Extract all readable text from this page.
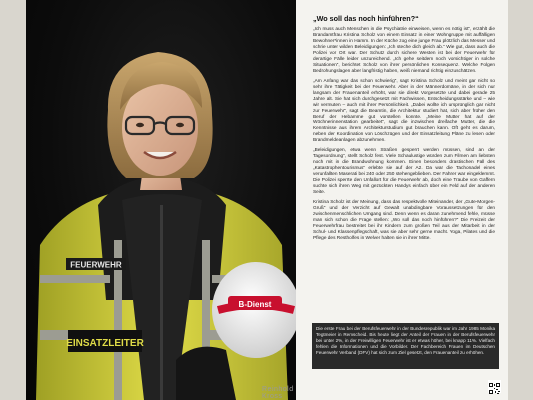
FEUERWEHR
EINSATZLEITER
B-Dienst
Reinhold Kross
„Wo soll das noch hinführen?“

„Ich muss auch Menschen in die Psychiatrie einweisen, wenn es nötig ist“, erzählt die Brandamtfrau Kristina Scholz von einem Einsatz in einer Wohngruppe mit auffälligen Bewohner*innen in Hamm. In der Küche zog eine junge Frau plötzlich das Messer und schrie unter wilden Beleidigungen: „Ich steche dich gleich ab.“ Wie gut, dass auch die Polizei vor Ort war. Der Schutz durch sichere Westen ist bei der Feuerwehr für derartige Fälle leider unzureichend. „Ich gehe seitdem noch vorsichtiger in solche Situationen“, berichtet Scholz von ihrer persönlichen Konsequenz. Welche Folgen Bedrohungslagen aber langfristig haben, weiß niemand richtig einzuschätzen.

„Am Anfang war das schon schwierig“, sagt Kristina Scholz und meint gar nicht so sehr ihre Tätigkeit bei der Feuerwehr. Aber in der Männerdomäne, in der sich nur langsam der Frauenanteil erhöht, war sie direkt Vorgesetzte und dabei gerade 25 Jahre alt. Sie hat sich durchgesetzt mit Fachwissen, Entscheidungsstärke und – wie wir vermuten – auch mit ihrer Persönlichkeit. „Dabei wollte ich ursprünglich gar nicht zur Feuerwehr“, sagt die Beamtin, die Architektur studiert hat, sich aber früher den Beruf der Hebamme gut vorstellen konnte. „Meine Mutter hat auf der Wöchnerinnenstation gearbeitet“, sagt die inzwischen dreifache Mutter, die die Kenntnisse aus ihrem Architekturstudium gut brauchen kann. Oft geht es darum, neben der Koordination von Löschzügen und der Einsatzleitung Pläne zu lesen oder Brandmeldeanlagen abzunehmen.

„Beleidigungen, etwa wenn Straßen gesperrt werden müssen, sind an der Tagesordnung“, stellt Scholz fest. Viele Schaulustige würden zum Filmen am liebsten noch mit in die Brandwohnung kommen. Einen besonders drastischen Fall des „Katastrophentourismus“ erlebte sie auf der A2. Da war die Tachonadel eines verunfallten Maserati bei 240 oder 250 stehengeblieben. Der Fahrer war eingeklemmt. Die Polizei sperrte den Unfallort für die Feuerwehr ab, doch eine Traube von Gaffern suchte sich ihren Weg mit gezückten Handys einfach über ein Feld auf der anderen Seite.

Kristina Scholz ist der Meinung, dass das respektvolle Miteinander, der „Gute-Morgen-Gruß“ und der Verzicht auf Gewalt unabdingbare Voraussetzungen für den zwischenmenschlichen Umgang sind. Denn wenn es daran zunehmend fehle, müsse man sich schon die Frage stellen: „Wo soll das noch hinführen?“ Die Freizeit der Feuerwehrfrau bestreitet bei ihr Kindern zum großen Teil aus der Mitarbeit in der Schul- und Klassenpflegschaft, was sie aber sehr gerne macht. Yoga, Pilates und die Pflege des Restholfes in Welver halten sie in ihrer Mitte.

Die erste Frau bei der Berufsfeuerwehr in der Bundesrepublik war im Jahr 1985 Monika Tegtmeier in Remscheid. Bis heute liegt der Anteil der Frauen in der Berufsfeuerwehr bei unter 2%, in der Freiwilligen Feuerwehr ist er etwas höher, bei knapp 11%. Vielfach fehlen die Informationen und die Vorbilder. Der Fachbereich Frauen im Deutschen Feuerwehr Verband (DFV) hat sich zum Ziel gesetzt, den Frauenanteil zu erhöhen.
